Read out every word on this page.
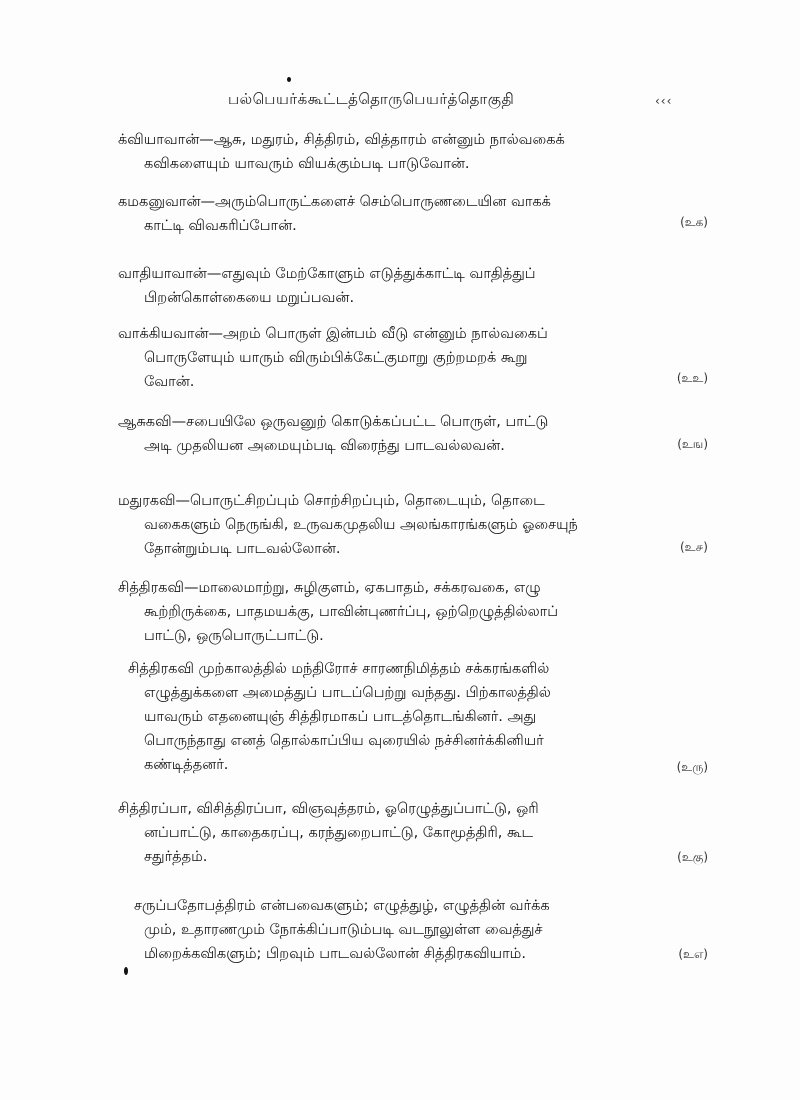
பல்பெயர்க்கூட்டத்தொருபெயர்த்தொகுதி	‹‹‹
க்வியாவான்—ஆசு, மதுரம், சித்திரம், வித்தாரம் என்னும் நால்வகைக்
கவிகளையும் யாவரும் வியக்கும்படி பாடுவோன்.
கமகனுவான்—அரும்பொருட்களைச் செம்பொருணடையின வாகக்
காட்டி விவகரிப்போன்.	(உக)
வாதியாவான்—எதுவும் மேற்கோளும் எடுத்துக்காட்டி வாதித்துப்
பிறன்கொள்கையை மறுப்பவன்.
வாக்கியவான்—அறம் பொருள் இன்பம் வீடு என்னும் நால்வகைப்
பொருளேயும் யாரும் விரும்பிக்கேட்குமாறு குற்றமறக் கூறு
வோன்.	(உஉ)
ஆசுகவி—சபையிலே ஒருவனுற் கொடுக்கப்பட்ட பொருள், பாட்டு
அடி முதலியன அமையும்படி விரைந்து பாடவல்லவன்.	(உங)
மதுரகவி—பொருட்சிறப்பும் சொற்சிறப்பும், தொடையும், தொடை
வகைகளும் நெருங்கி, உருவகமுதலிய அலங்காரங்களும் ஓசையுந்
தோன்றும்படி பாடவல்லோன்.	(உ௪)
சித்திரகவி—மாலைமாற்று, சுழிகுளம், ஏகபாதம், சக்கரவகை, எழு
கூற்றிருக்கை, பாதமயக்கு, பாவின்புணர்ப்பு, ஒற்றெழுத்தில்லாப்
பாட்டு, ஒருபொருட்பாட்டு.
சித்திரகவி முற்காலத்தில் மந்திரோச் சாரணநிமித்தம் சக்கரங்களில்
எழுத்துக்களை அமைத்துப் பாடப்பெற்று வந்தது. பிற்காலத்தில்
யாவரும் எதனையுஞ் சித்திரமாகப் பாடத்தொடங்கினர். அது
பொருந்தாது எனத் தொல்காப்பிய வுரையில் நச்சினர்க்கினியர்
கண்டித்தனர்.	(உரு)
சித்திரப்பா, விசித்திரப்பா, விஞவுத்தரம், ஓரெழுத்துப்பாட்டு, ஒரி
னப்பாட்டு, காதைகரப்பு, கரந்துறைபாட்டு, கோமூத்திரி, கூட
சதுர்த்தம்.	(உகு)
சருப்பதோபத்திரம் என்பவைகளும்; எழுத்துழ், எழுத்தின் வர்க்க
மும், உதாரணமும் நோக்கிப்பாடும்படி வடநூலுள்ள வைத்துச்
மிறைக்கவிகளும்; பிறவும் பாடவல்லோன் சித்திரகவியாம்.	(உஎ)
